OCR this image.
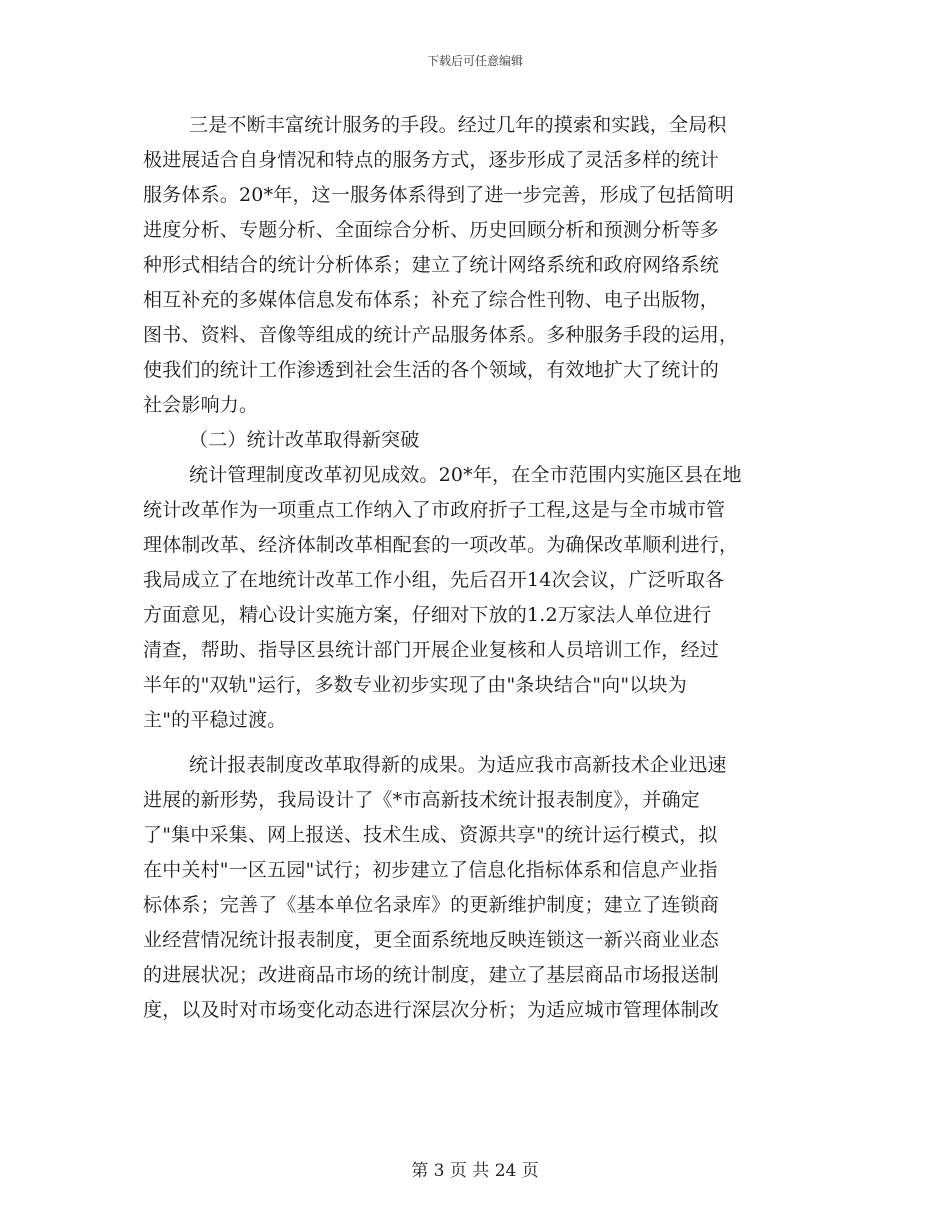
下载后可任意编辑
三是不断丰富统计服务的手段。经过几年的摸索和实践，全局积
极进展适合自身情况和特点的服务方式，逐步形成了灵活多样的统计
服务体系。20*年，这一服务体系得到了进一步完善，形成了包括简明
进度分析、专题分析、全面综合分析、历史回顾分析和预测分析等多
种形式相结合的统计分析体系；建立了统计网络系统和政府网络系统
相互补充的多媒体信息发布体系；补充了综合性刊物、电子出版物，
图书、资料、音像等组成的统计产品服务体系。多种服务手段的运用，
使我们的统计工作渗透到社会生活的各个领域，有效地扩大了统计的
社会影响力。
（二）统计改革取得新突破
统计管理制度改革初见成效。20*年，在全市范围内实施区县在地
统计改革作为一项重点工作纳入了市政府折子工程,这是与全市城市管
理体制改革、经济体制改革相配套的一项改革。为确保改革顺利进行，
我局成立了在地统计改革工作小组，先后召开14次会议，广泛听取各
方面意见，精心设计实施方案，仔细对下放的1.2万家法人单位进行
清查，帮助、指导区县统计部门开展企业复核和人员培训工作，经过
半年的"双轨"运行，多数专业初步实现了由"条块结合"向"以块为
主"的平稳过渡。
统计报表制度改革取得新的成果。为适应我市高新技术企业迅速
进展的新形势，我局设计了《*市高新技术统计报表制度》，并确定
了"集中采集、网上报送、技术生成、资源共享"的统计运行模式，拟
在中关村"一区五园"试行；初步建立了信息化指标体系和信息产业指
标体系；完善了《基本单位名录库》的更新维护制度；建立了连锁商
业经营情况统计报表制度，更全面系统地反映连锁这一新兴商业业态
的进展状况；改进商品市场的统计制度，建立了基层商品市场报送制
度，以及时对市场变化动态进行深层次分析；为适应城市管理体制改
第 3 页 共 24 页
